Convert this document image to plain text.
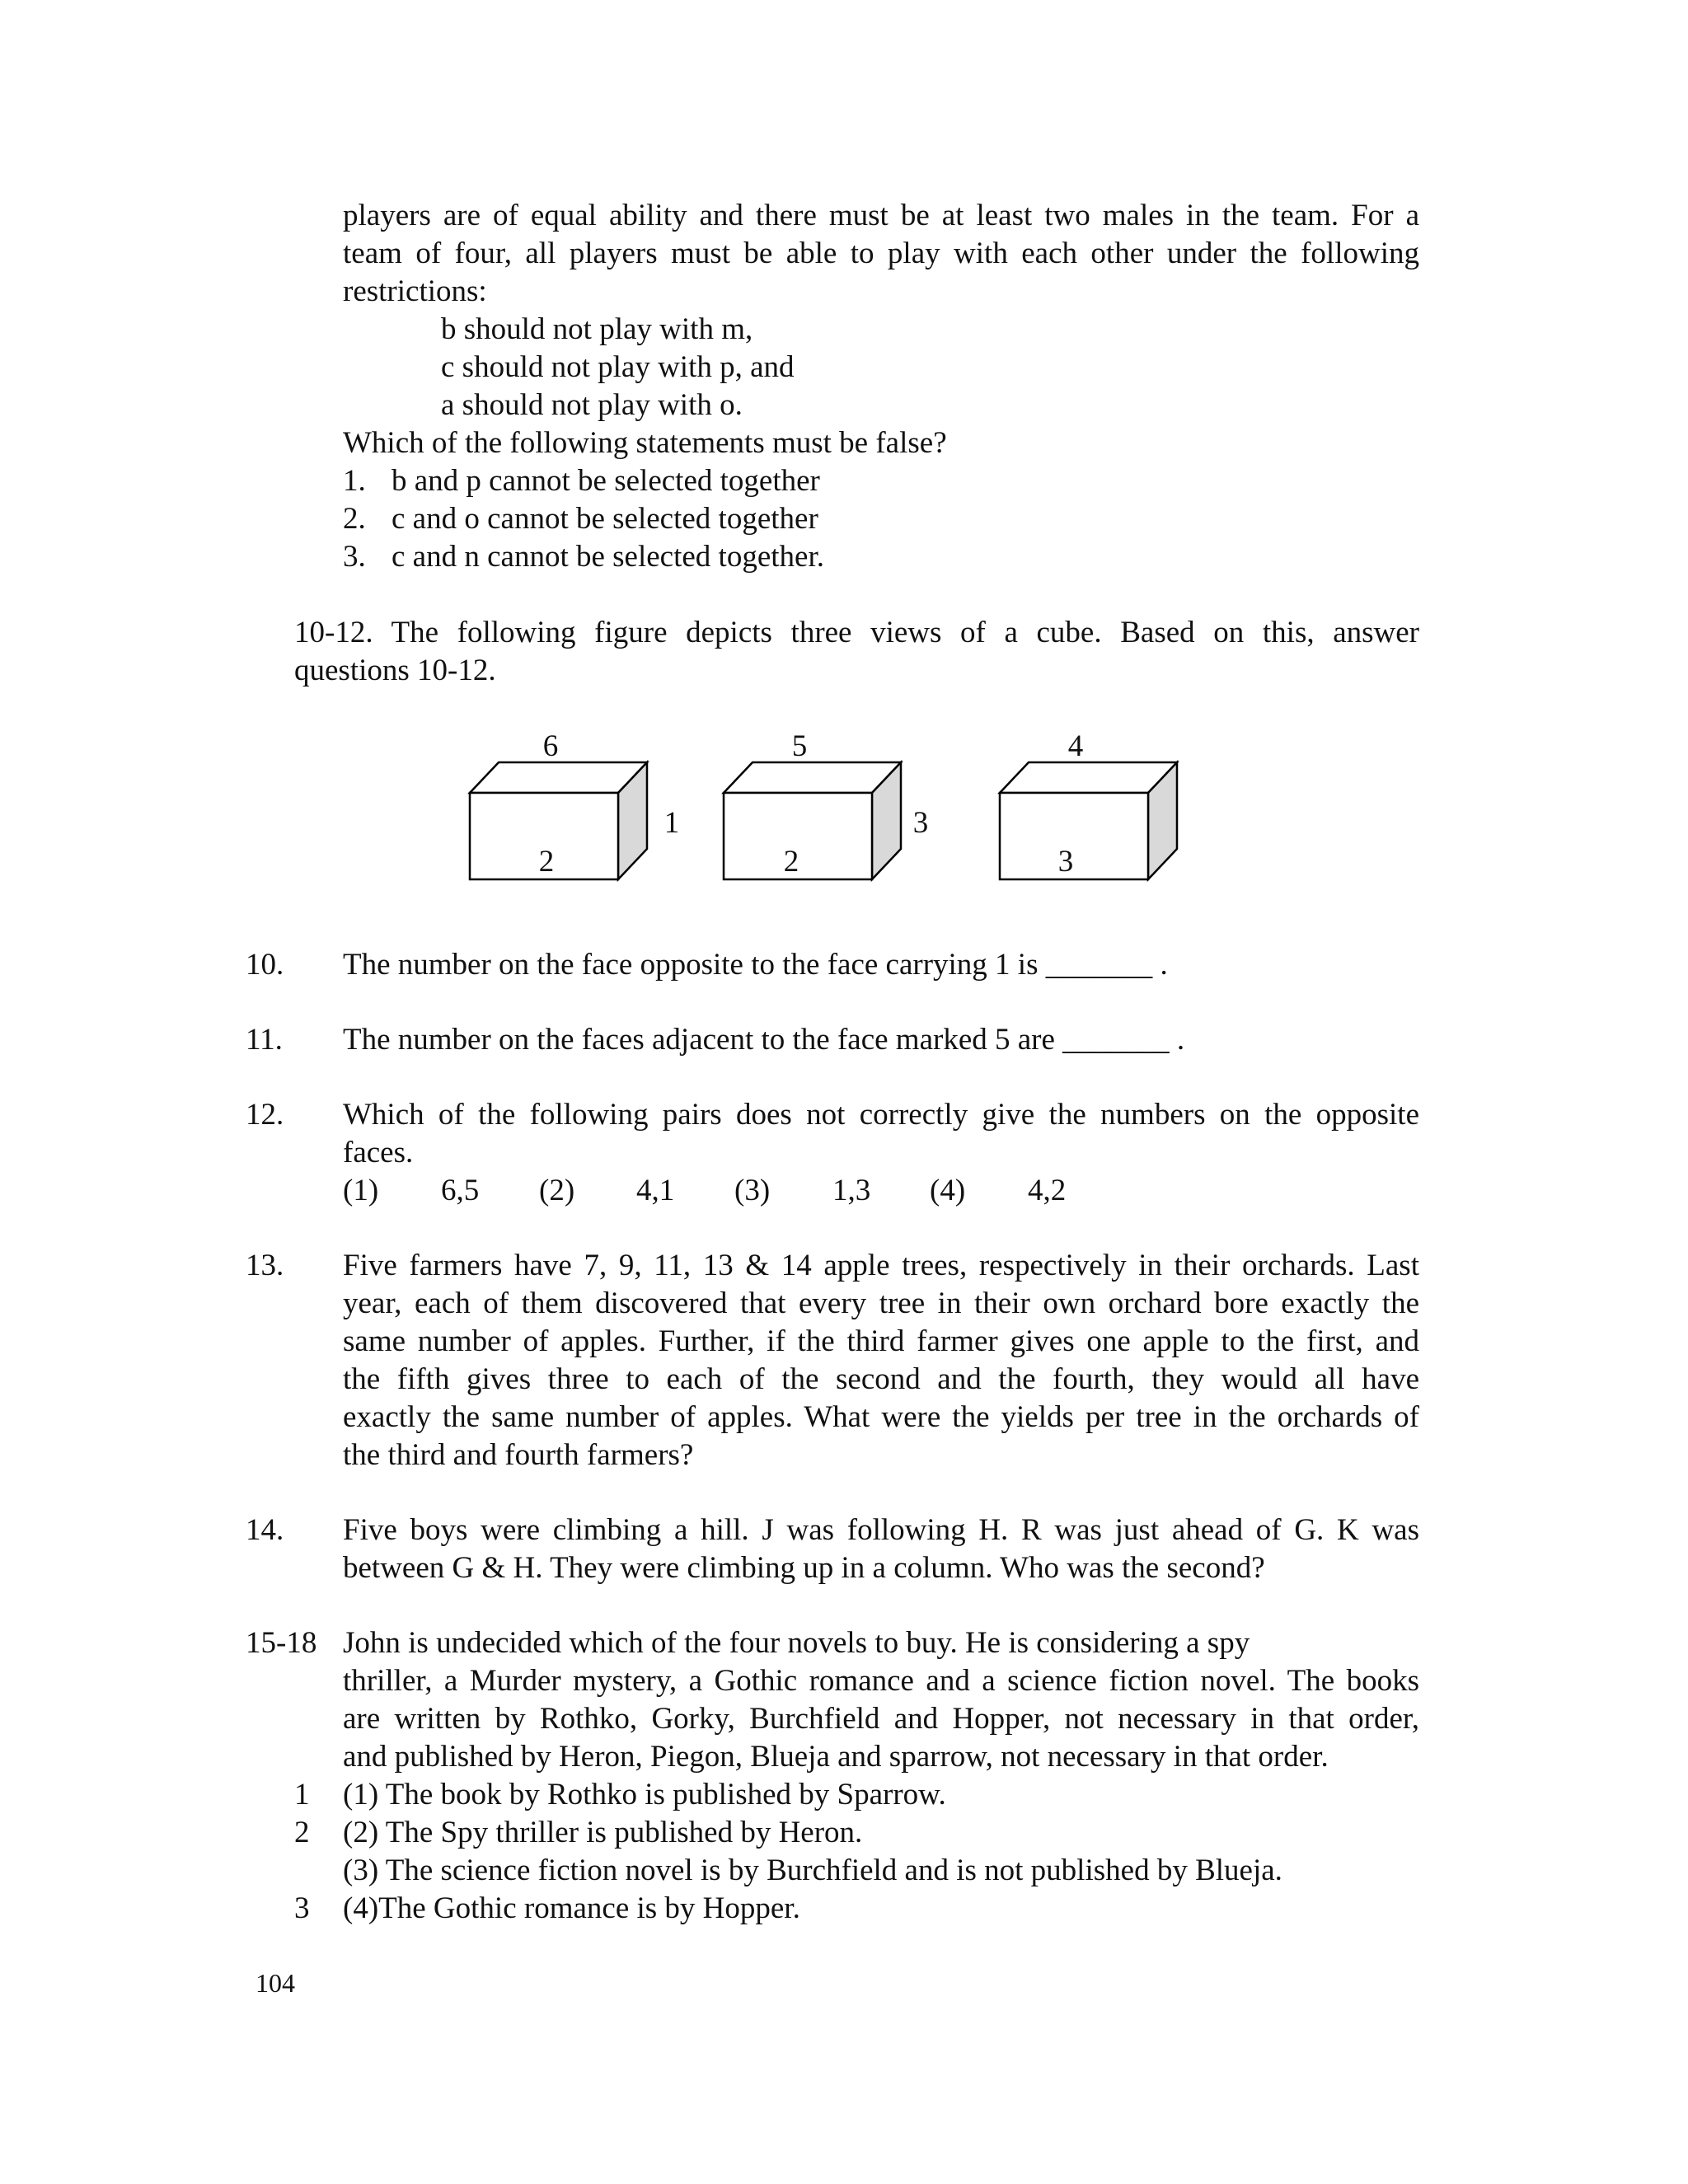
players are of equal ability and there must be at least two males in the team. For a
team of four, all players must be able to play with each other under the following
restrictions:
b should not play with m,
c should not play with p, and
a should not play with o.
Which of the following statements must be false?
1. b and p cannot be selected together
2. c and o cannot be selected together
3. c and n cannot be selected together.
10-12. The following figure depicts three views of a cube. Based on this, answer
questions 10-12.
6
2
1
5
2
3
4
3
10. The number on the face opposite to the face carrying 1 is _______ .
11. The number on the faces adjacent to the face marked 5 are _______ .
12. Which of the following pairs does not correctly give the numbers on the opposite
faces.
(1) 6,5 (2) 4,1 (3) 1,3 (4) 4,2
13. Five farmers have 7, 9, 11, 13 & 14 apple trees, respectively in their orchards. Last
year, each of them discovered that every tree in their own orchard bore exactly the
same number of apples. Further, if the third farmer gives one apple to the first, and
the fifth gives three to each of the second and the fourth, they would all have
exactly the same number of apples. What were the yields per tree in the orchards of
the third and fourth farmers?
14. Five boys were climbing a hill. J was following H. R was just ahead of G. K was
between G & H. They were climbing up in a column. Who was the second?
15-18 John is undecided which of the four novels to buy. He is considering a spy
thriller, a Murder mystery, a Gothic romance and a science fiction novel. The books
are written by Rothko, Gorky, Burchfield and Hopper, not necessary in that order,
and published by Heron, Piegon, Blueja and sparrow, not necessary in that order.
1 (1) The book by Rothko is published by Sparrow.
2 (2) The Spy thriller is published by Heron.
(3) The science fiction novel is by Burchfield and is not published by Blueja.
3 (4)The Gothic romance is by Hopper.
104
